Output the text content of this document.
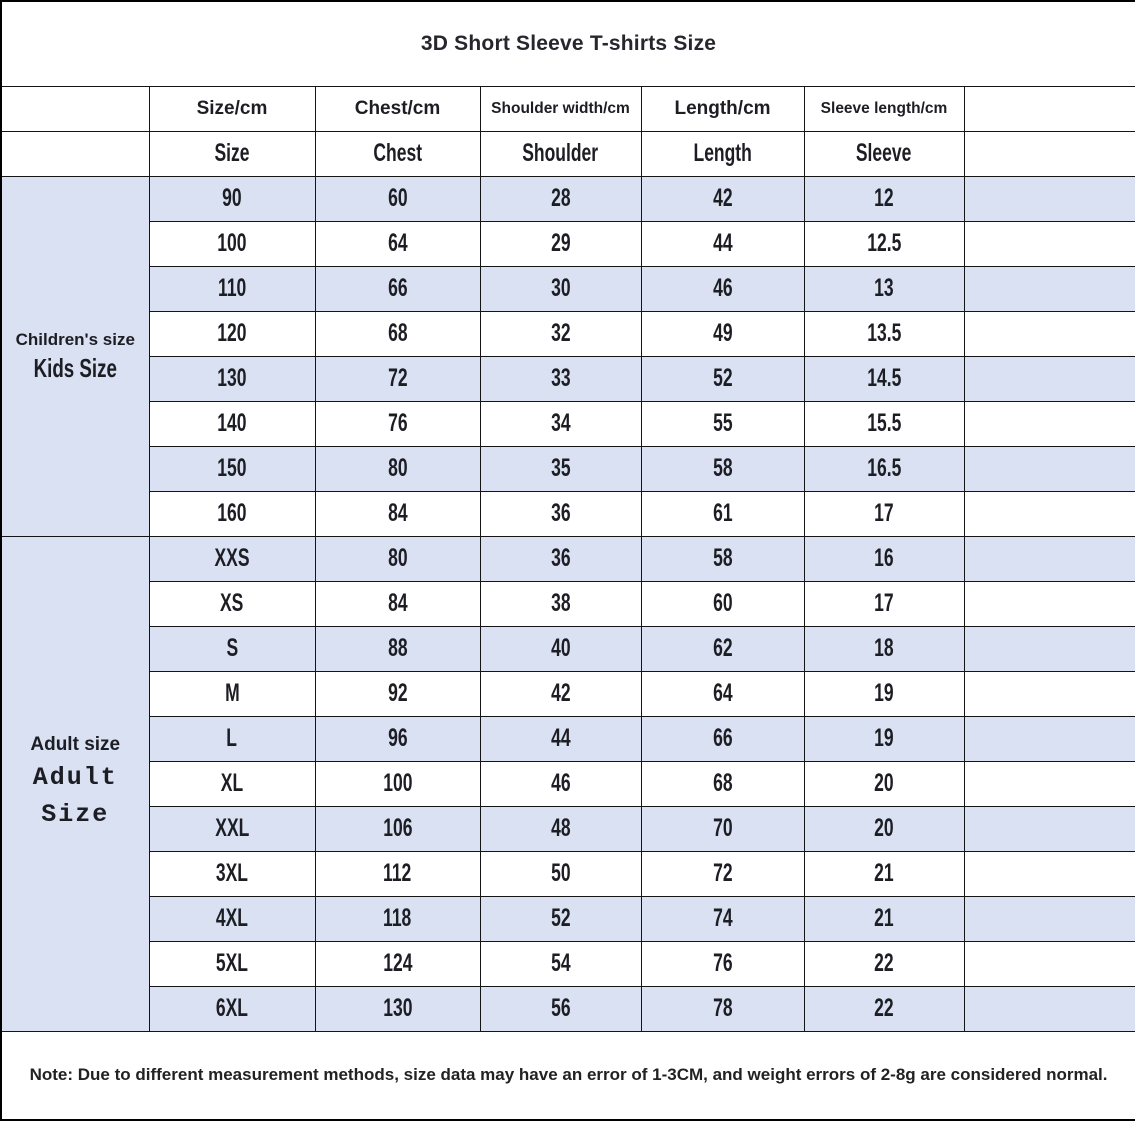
3D Short Sleeve T-shirts Size						
	Size/cm	Chest/cm	Shoulder width/cm	Length/cm	Sleeve length/cm	
	Size	Chest	Shoulder	Length	Sleeve	

Children's size
Kids Size	90	60	28	42	12	
	100	64	29	44	12.5	
	110	66	30	46	13	
	120	68	32	49	13.5	
	130	72	33	52	14.5	
	140	76	34	55	15.5	
	150	80	35	58	16.5	
	160	84	36	61	17	

Adult size
Adult
Size	XXS	80	36	58	16	
	XS	84	38	60	17	
	S	88	40	62	18	
	M	92	42	64	19	
	L	96	44	66	19	
	XL	100	46	68	20	
	XXL	106	48	70	20	
	3XL	112	50	72	21	
	4XL	118	52	74	21	
	5XL	124	54	76	22	
	6XL	130	56	78	22	
Note: Due to different measurement methods, size data may have an error of 1-3CM, and weight errors of 2-8g are considered normal.						
